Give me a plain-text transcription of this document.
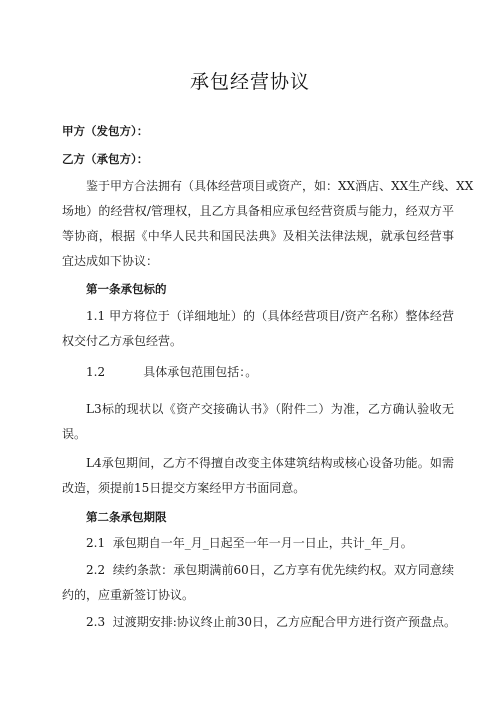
承包经营协议
甲方（发包方）：
乙方（承包方）：
鉴于甲方合法拥有（具体经营项目或资产，如：XX酒店、XX生产线、XX
场地）的经营权/管理权，且乙方具备相应承包经营资质与能力，经双方平
等协商，根据《中华人民共和国民法典》及相关法律法规，就承包经营事
宜达成如下协议：
第一条承包标的
1.1 甲方将位于（详细地址）的（具体经营项目/资产名称）整体经营
权交付乙方承包经营。
1.2          具体承包范围包括：。
L3标的现状以《资产交接确认书》（附件二）为准，乙方确认验收无
误。
L4承包期间，乙方不得擅自改变主体建筑结构或核心设备功能。如需
改造，须提前15日提交方案经甲方书面同意。
第二条承包期限
2.1  承包期自一年_月_日起至一年一月一日止，共计_年_月。
2.2  续约条款：承包期满前60日，乙方享有优先续约权。双方同意续
约的，应重新签订协议。
2.3  过渡期安排:协议终止前30日，乙方应配合甲方进行资产预盘点。
